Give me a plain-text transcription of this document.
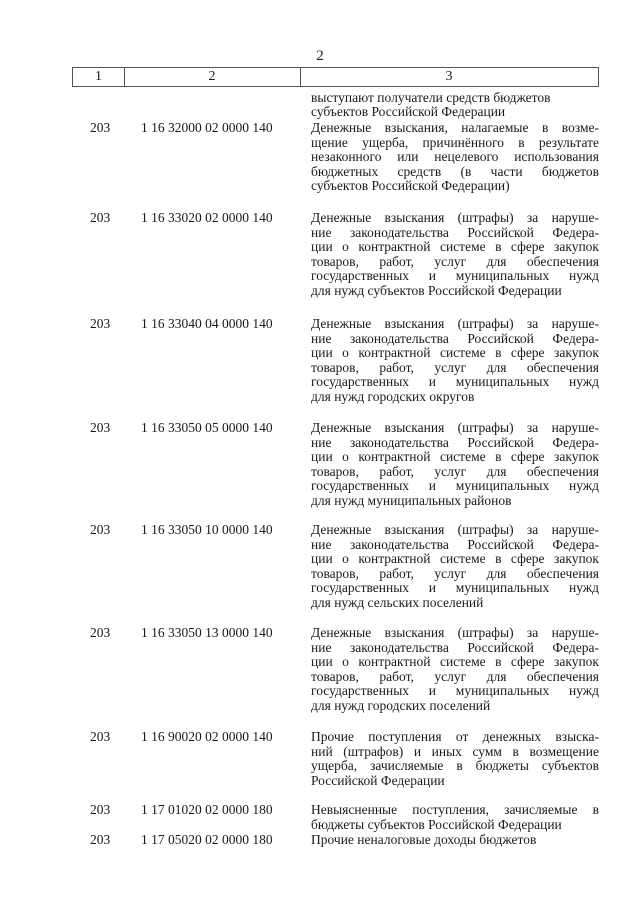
2
1	2	3
выступают получатели средств бюджетов
субъектов Российской Федерации
203	1 16 32000 02 0000 140	Денежные взыскания, налагаемые в возме-
щение ущерба, причинённого в результате
незаконного или нецелевого использования
бюджетных средств (в части бюджетов
субъектов Российской Федерации)
203	1 16 33020 02 0000 140	Денежные взыскания (штрафы) за наруше-
ние законодательства Российской Федера-
ции о контрактной системе в сфере закупок
товаров, работ, услуг для обеспечения
государственных и муниципальных нужд
для нужд субъектов Российской Федерации
203	1 16 33040 04 0000 140	Денежные взыскания (штрафы) за наруше-
ние законодательства Российской Федера-
ции о контрактной системе в сфере закупок
товаров, работ, услуг для обеспечения
государственных и муниципальных нужд
для нужд городских округов
203	1 16 33050 05 0000 140	Денежные взыскания (штрафы) за наруше-
ние законодательства Российской Федера-
ции о контрактной системе в сфере закупок
товаров, работ, услуг для обеспечения
государственных и муниципальных нужд
для нужд муниципальных районов
203	1 16 33050 10 0000 140	Денежные взыскания (штрафы) за наруше-
ние законодательства Российской Федера-
ции о контрактной системе в сфере закупок
товаров, работ, услуг для обеспечения
государственных и муниципальных нужд
для нужд сельских поселений
203	1 16 33050 13 0000 140	Денежные взыскания (штрафы) за наруше-
ние законодательства Российской Федера-
ции о контрактной системе в сфере закупок
товаров, работ, услуг для обеспечения
государственных и муниципальных нужд
для нужд городских поселений
203	1 16 90020 02 0000 140	Прочие поступления от денежных взыска-
ний (штрафов) и иных сумм в возмещение
ущерба, зачисляемые в бюджеты субъектов
Российской Федерации
203	1 17 01020 02 0000 180	Невыясненные поступления, зачисляемые в
бюджеты субъектов Российской Федерации
203	1 17 05020 02 0000 180	Прочие неналоговые доходы бюджетов
